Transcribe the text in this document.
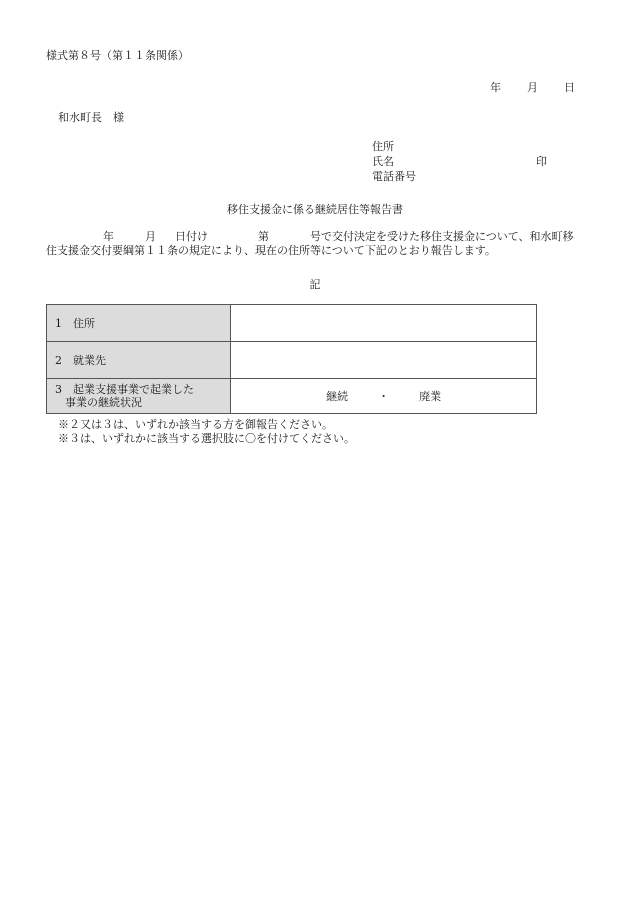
様式第８号（第１１条関係）
年 月 日
和水町長　様
住所
氏名	印
電話番号
移住支援金に係る継続居住等報告書
年	月 日付け	第	号で交付決定を受けた移住支援金について、和水町移
住支援金交付要綱第１１条の規定により、現在の住所等について下記のとおり報告します。
記
1　住所	
2　就業先	

3　起業支援事業で起業した
事業の継続状況	継続 ・ 廃業
※２又は３は、いずれか該当する方を御報告ください。
※３は、いずれかに該当する選択肢に〇を付けてください。
